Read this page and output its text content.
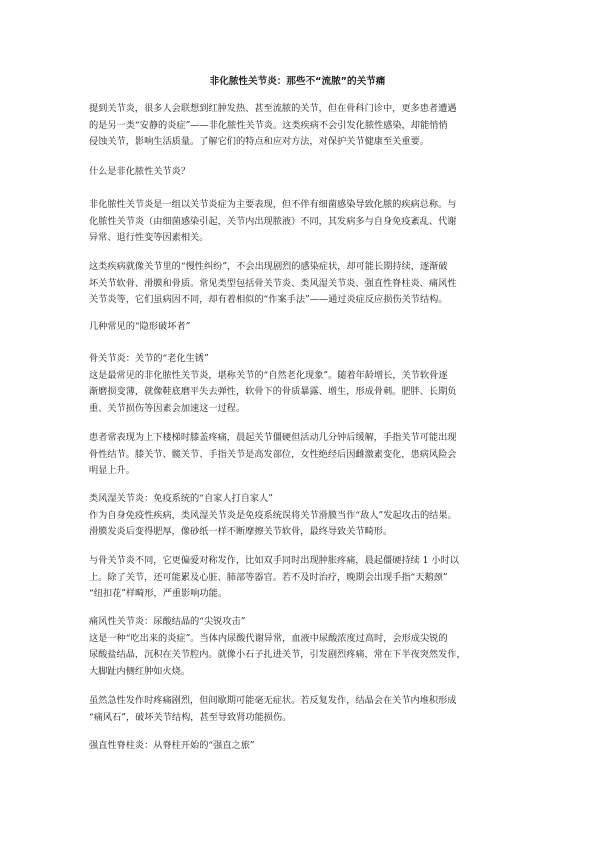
非化脓性关节炎：那些不“流脓”的关节痛
提到关节炎，很多人会联想到红肿发热、甚至流脓的关节，但在骨科门诊中，更多患者遭遇
的是另一类“安静的炎症”——非化脓性关节炎。这类疾病不会引发化脓性感染，却能悄悄
侵蚀关节，影响生活质量。了解它们的特点和应对方法，对保护关节健康至关重要。
什么是非化脓性关节炎？
非化脓性关节炎是一组以关节炎症为主要表现，但不伴有细菌感染导致化脓的疾病总称。与
化脓性关节炎（由细菌感染引起，关节内出现脓液）不同，其发病多与自身免疫紊乱、代谢
异常、退行性变等因素相关。
这类疾病就像关节里的“慢性纠纷”，不会出现剧烈的感染症状，却可能长期持续，逐渐破
坏关节软骨、滑膜和骨质。常见类型包括骨关节炎、类风湿关节炎、强直性脊柱炎、痛风性
关节炎等，它们虽病因不同，却有着相似的“作案手法”——通过炎症反应损伤关节结构。
几种常见的“隐形破坏者”
骨关节炎：关节的“老化生锈”
这是最常见的非化脓性关节炎，堪称关节的“自然老化现象”。随着年龄增长，关节软骨逐
渐磨损变薄，就像鞋底磨平失去弹性，软骨下的骨质暴露、增生，形成骨刺。肥胖、长期负
重、关节损伤等因素会加速这一过程。
患者常表现为上下楼梯时膝盖疼痛，晨起关节僵硬但活动几分钟后缓解，手指关节可能出现
骨性结节。膝关节、髋关节、手指关节是高发部位，女性绝经后因雌激素变化，患病风险会
明显上升。
类风湿关节炎：免疫系统的“自家人打自家人”
作为自身免疫性疾病，类风湿关节炎是免疫系统误将关节滑膜当作“敌人”发起攻击的结果。
滑膜发炎后变得肥厚，像砂纸一样不断摩擦关节软骨，最终导致关节畸形。
与骨关节炎不同，它更偏爱对称发作，比如双手同时出现肿胀疼痛，晨起僵硬持续 1 小时以
上。除了关节，还可能累及心脏、肺部等器官。若不及时治疗，晚期会出现手指“天鹅颈”
“纽扣花”样畸形，严重影响功能。
痛风性关节炎：尿酸结晶的“尖锐攻击”
这是一种“吃出来的炎症”。当体内尿酸代谢异常，血液中尿酸浓度过高时，会形成尖锐的
尿酸盐结晶，沉积在关节腔内。就像小石子扎进关节，引发剧烈疼痛，常在下半夜突然发作，
大脚趾内侧红肿如火烧。
虽然急性发作时疼痛剧烈，但间歇期可能毫无症状。若反复发作，结晶会在关节内堆积形成
“痛风石”，破坏关节结构，甚至导致肾功能损伤。
强直性脊柱炎：从脊柱开始的“强直之旅”
